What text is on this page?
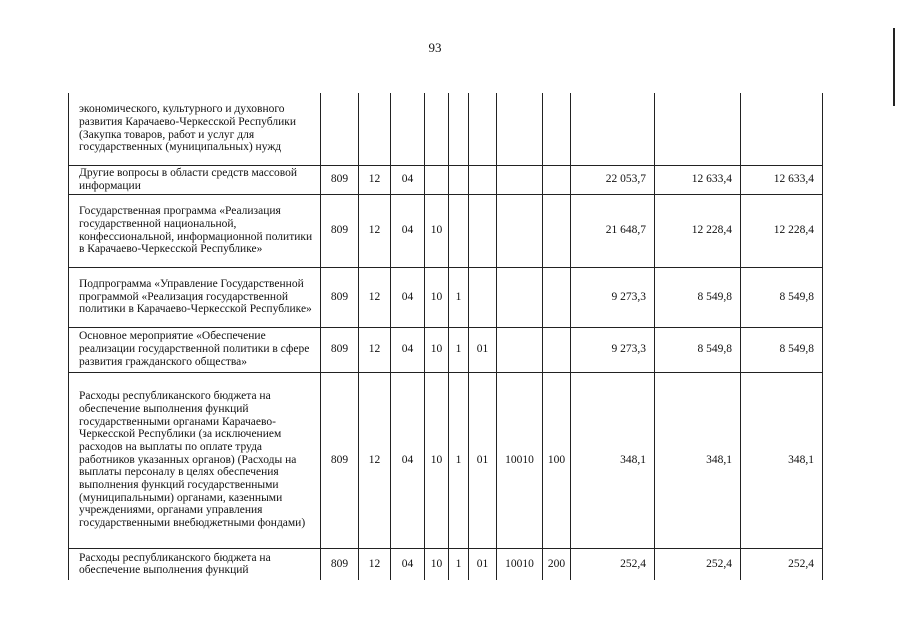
93
экономического, культурного и духовного развития Карачаево-Черкесской Республики (Закупка товаров, работ и услуг для государственных (муниципальных) нужд											
Другие вопросы в области средств массовой информации	809	12	04						22 053,7	12 633,4	12 633,4
Государственная программа «Реализация государственной национальной, конфессиональной, информационной политики в Карачаево-Черкесской Республике»	809	12	04	10					21 648,7	12 228,4	12 228,4
Подпрограмма «Управление Государственной программой «Реализация государственной политики в Карачаево-Черкесской Республике»	809	12	04	10	1				9 273,3	8 549,8	8 549,8
Основное мероприятие «Обеспечение реализации государственной политики в сфере развития гражданского общества»	809	12	04	10	1	01			9 273,3	8 549,8	8 549,8
Расходы республиканского бюджета на обеспечение выполнения функций государственными органами Карачаево-Черкесской Республики (за исключением расходов на выплаты по оплате труда работников указанных органов) (Расходы на выплаты персоналу в целях обеспечения выполнения функций государственными (муниципальными) органами, казенными учреждениями, органами управления государственными внебюджетными фондами)	809	12	04	10	1	01	10010	100	348,1	348,1	348,1
Расходы республиканского бюджета на обеспечение выполнения функций	809	12	04	10	1	01	10010	200	252,4	252,4	252,4
